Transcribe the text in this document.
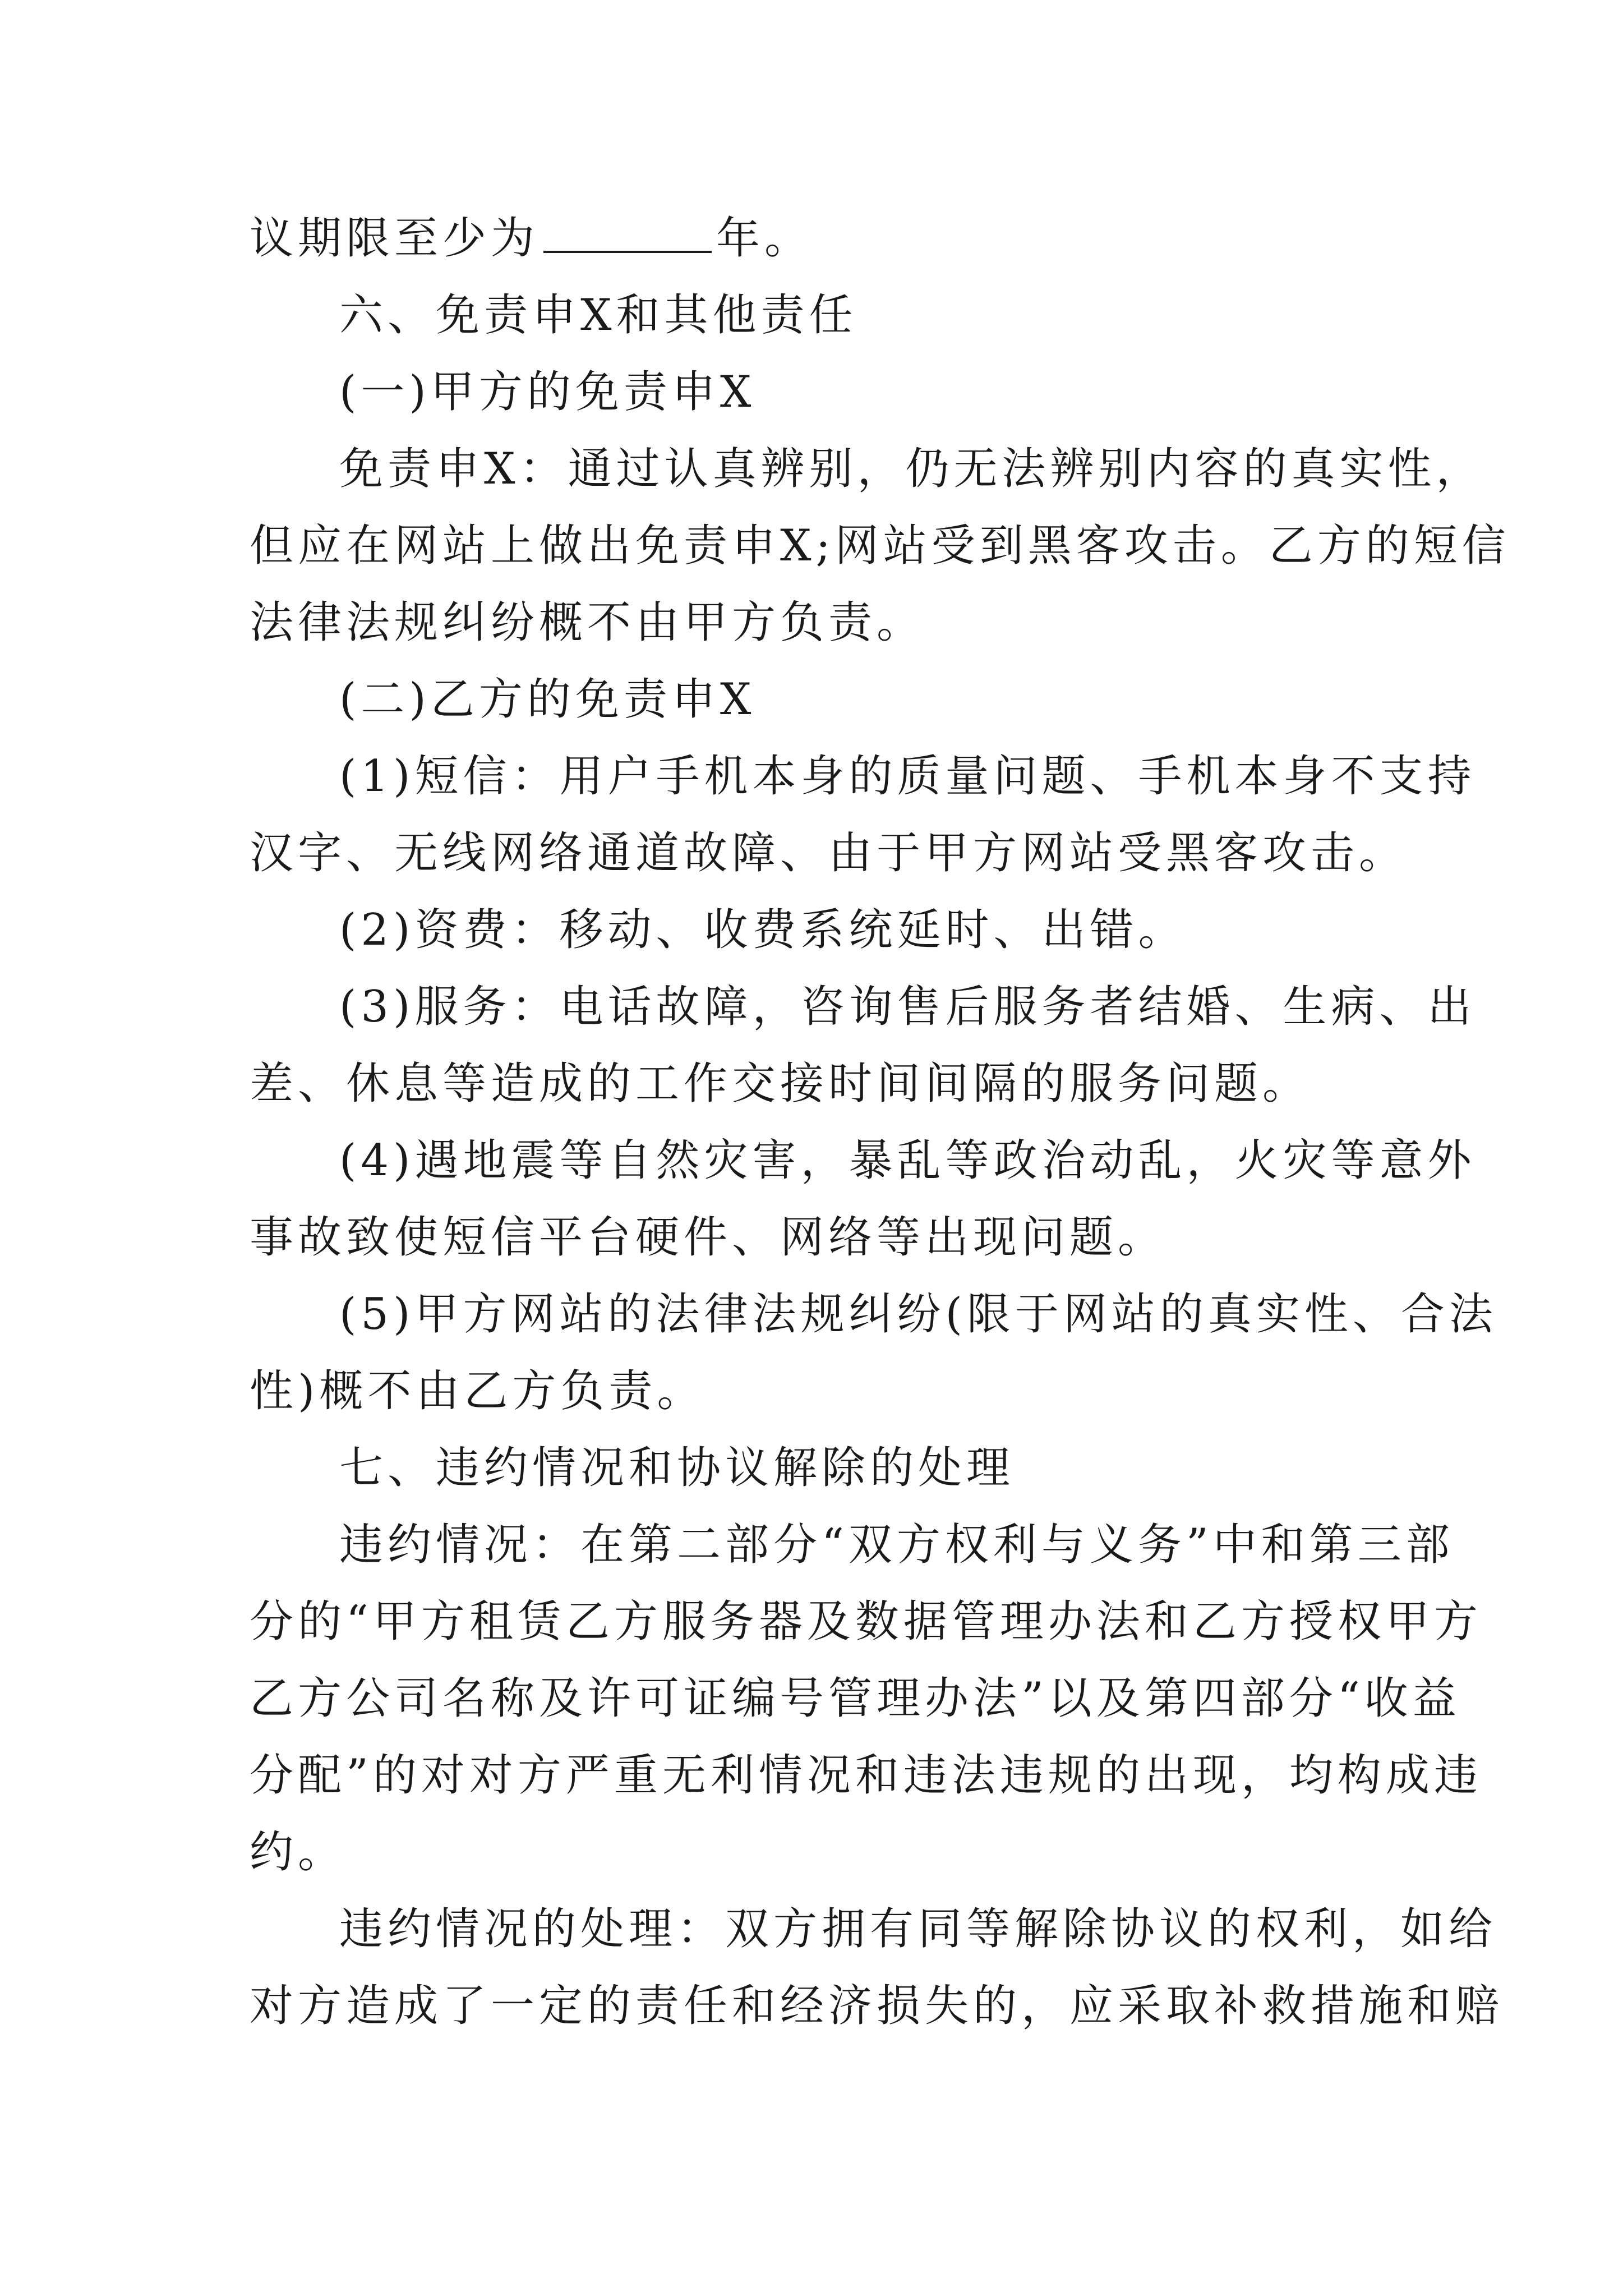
议期限至少为	年。
六、免责申X和其他责任
(一)甲方的免责申X
免责申X：通过认真辨别，仍无法辨别内容的真实性，
但应在网站上做出免责申X;网站受到黑客攻击。乙方的短信
法律法规纠纷概不由甲方负责。
(二)乙方的免责申X
(1)短信：用户手机本身的质量问题、手机本身不支持
汉字、无线网络通道故障、由于甲方网站受黑客攻击。
(2)资费：移动、收费系统延时、出错。
(3)服务：电话故障，咨询售后服务者结婚、生病、出
差、休息等造成的工作交接时间间隔的服务问题。
(4)遇地震等自然灾害，暴乱等政治动乱，火灾等意外
事故致使短信平台硬件、网络等出现问题。
(5)甲方网站的法律法规纠纷(限于网站的真实性、合法
性)概不由乙方负责。
七、违约情况和协议解除的处理
违约情况：在第二部分“双方权利与义务”中和第三部
分的“甲方租赁乙方服务器及数据管理办法和乙方授权甲方
乙方公司名称及许可证编号管理办法”以及第四部分“收益
分配”的对对方严重无利情况和违法违规的出现，均构成违
约。
违约情况的处理：双方拥有同等解除协议的权利，如给
对方造成了一定的责任和经济损失的，应采取补救措施和赔
